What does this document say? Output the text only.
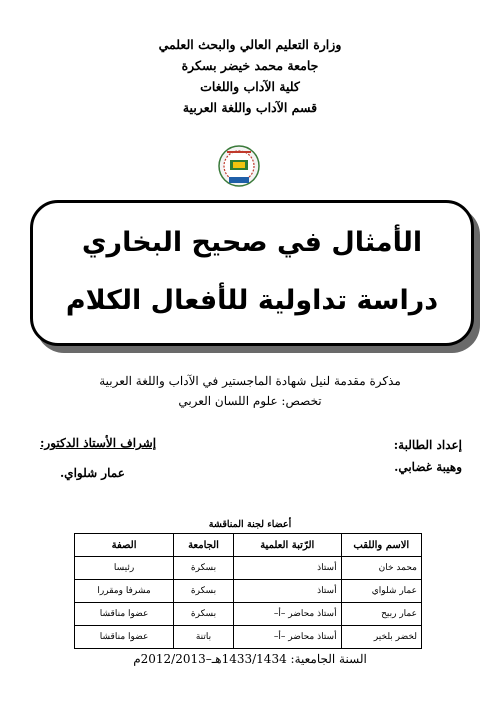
وزارة التعليم العالي والبحث العلمي
جامعة محمد خيضر بسكرة
كلية الآداب واللغات
قسم الآداب واللغة العربية
الأمثال في صحيح البخاري
دراسة تداولية للأفعال الكلام
مذكرة مقدمة لنيل شهادة الماجستير في الآداب واللغة العربية
تخصص: علوم اللسان العربي
إعداد الطالبة:
وهيبة غضابي.
إشراف الأستاذ الدكتور:
عمار شلواي.
أعضاء لجنة المناقشة
الاسم واللقب	الرّتبة العلمية	الجامعة	الصفة
محمد خان	أستاذ	بسكرة	رئيسا
عمار شلواي	أستاذ	بسكرة	مشرفا ومقررا
عمار ربيح	أستاذ محاضر –أ–	بسكرة	عضوا مناقشا
لخضر بلخير	أستاذ محاضر –أ–	باتنة	عضوا مناقشا
السنة الجامعية: 1433/1434هـ–2012/2013م
